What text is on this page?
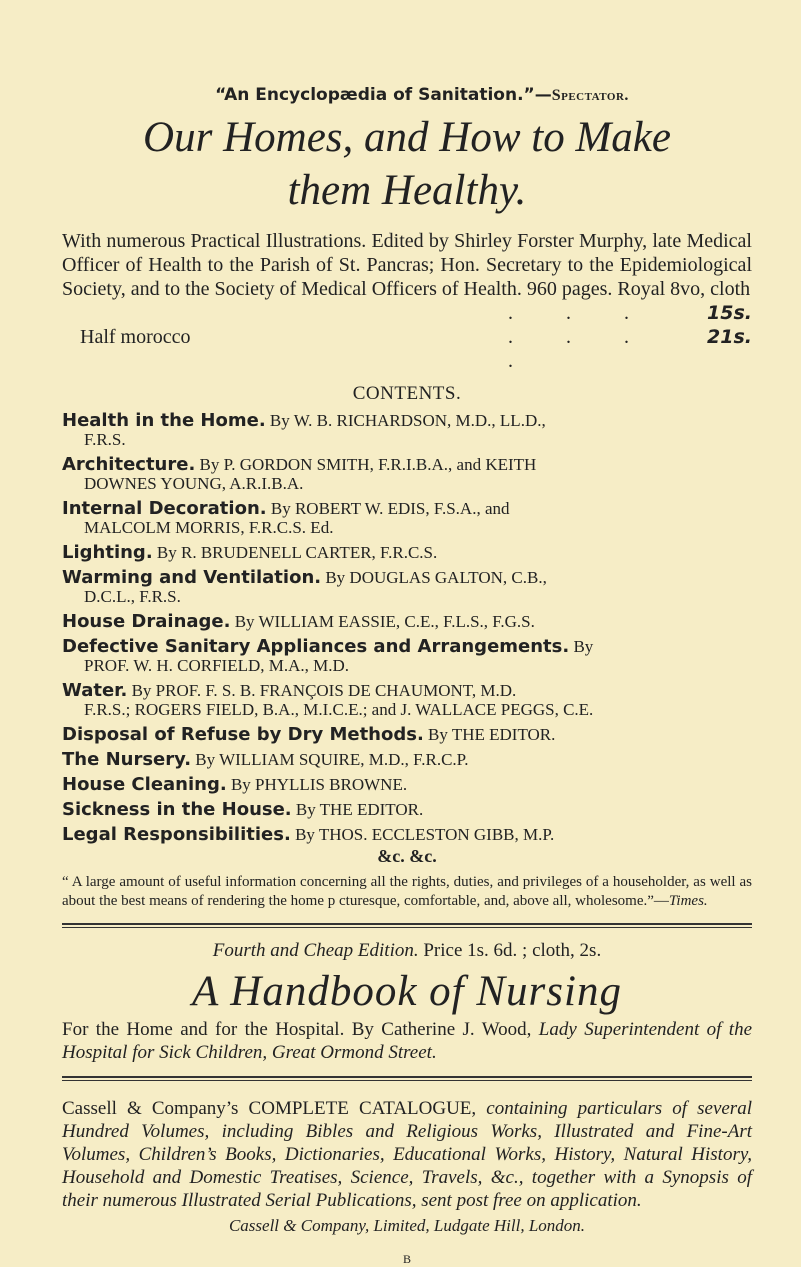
“An Encyclopædia of Sanitation.”—Spectator.
Our Homes, and How to Make
them Healthy.
With numerous Practical Illustrations. Edited by Shirley Forster Murphy, late Medical Officer of Health to the Parish of St. Pancras; Hon. Secretary to the Epidemiological Society, and to the Society of Medical Officers of Health. 960 pages. Royal 8vo, cloth
. . .	15s.
Half morocco	. . . .
21s.
CONTENTS.
Health in the Home. By W. B. RICHARDSON, M.D., LL.D.,
F.R.S.
Architecture. By P. GORDON SMITH, F.R.I.B.A., and KEITH
DOWNES YOUNG, A.R.I.B.A.
Internal Decoration. By ROBERT W. EDIS, F.S.A., and
MALCOLM MORRIS, F.R.C.S. Ed.
Lighting. By R. BRUDENELL CARTER, F.R.C.S.
Warming and Ventilation. By DOUGLAS GALTON, C.B.,
D.C.L., F.R.S.
House Drainage. By WILLIAM EASSIE, C.E., F.L.S., F.G.S.
Defective Sanitary Appliances and Arrangements. By
PROF. W. H. CORFIELD, M.A., M.D.
Water. By PROF. F. S. B. FRANÇOIS DE CHAUMONT, M.D.
F.R.S.; ROGERS FIELD, B.A., M.I.C.E.; and J. WALLACE PEGGS, C.E.
Disposal of Refuse by Dry Methods. By THE EDITOR.
The Nursery. By WILLIAM SQUIRE, M.D., F.R.C.P.
House Cleaning. By PHYLLIS BROWNE.
Sickness in the House. By THE EDITOR.
Legal Responsibilities. By THOS. ECCLESTON GIBB, M.P.
&c. &c.
“ A large amount of useful information concerning all the rights, duties, and privileges of a householder, as well as about the best means of rendering the home p cturesque, comfortable, and, above all, wholesome.”—Times.
Fourth and Cheap Edition. Price 1s. 6d. ; cloth, 2s.
A Handbook of Nursing
For the Home and for the Hospital. By Catherine J. Wood, Lady Superintendent of the Hospital for Sick Children, Great Ormond Street.
Cassell & Company’s COMPLETE CATALOGUE, containing particulars of several Hundred Volumes, including Bibles and Religious Works, Illustrated and Fine-Art Volumes, Children’s Books, Dictionaries, Educational Works, History, Natural History, Household and Domestic Treatises, Science, Travels, &c., together with a Synopsis of their numerous Illustrated Serial Publications, sent post free on application.
Cassell & Company, Limited, Ludgate Hill, London.
B
